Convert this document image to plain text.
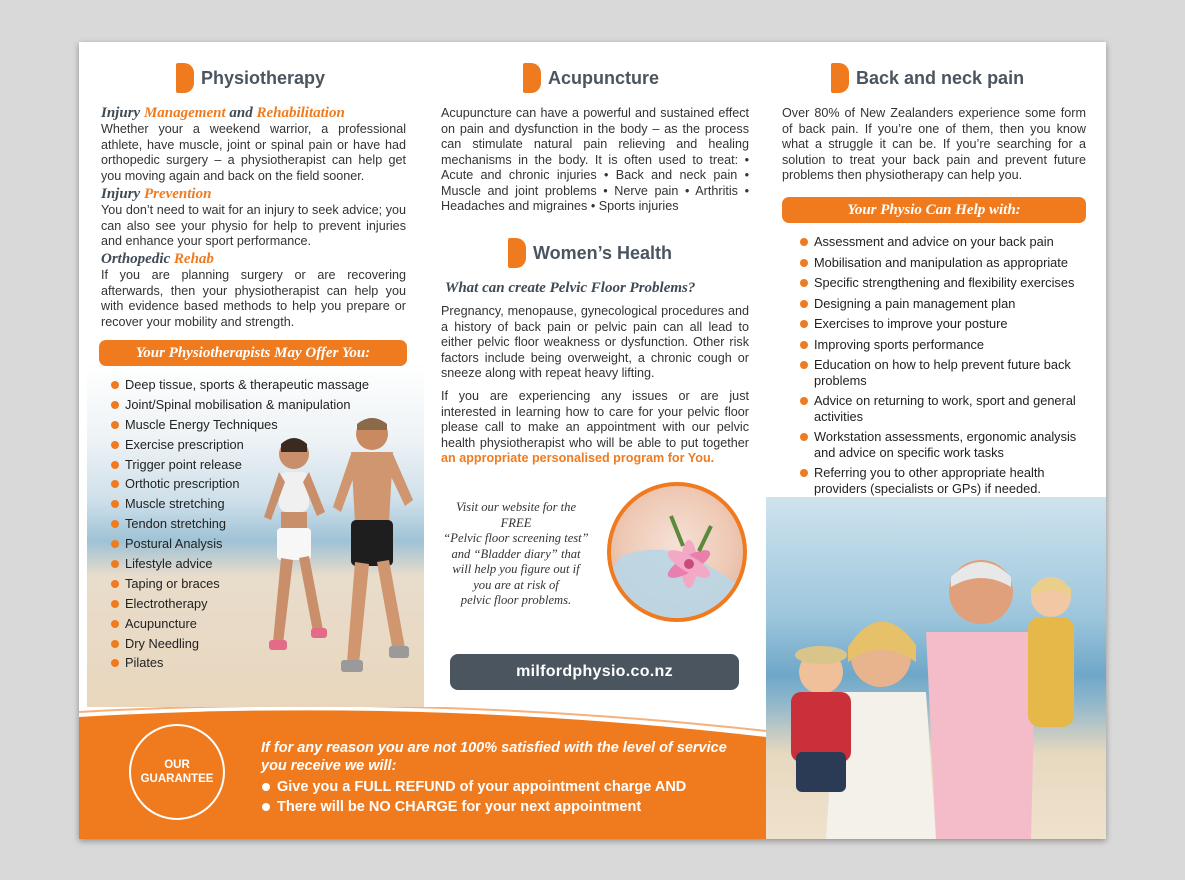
Physiotherapy
Injury Management and Rehabilitation
Whether your a weekend warrior, a professional athlete, have muscle, joint or spinal pain or have had orthopedic surgery – a physiotherapist can help get you moving again and back on the field sooner.
Injury Prevention
You don’t need to wait for an injury to seek advice; you can also see your physio for help to prevent injuries and enhance your sport performance.
Orthopedic Rehab
If you are planning surgery or are recovering afterwards, then your physiotherapist can help you with evidence based methods to help you prepare or recover your mobility and strength.
Your Physiotherapists May Offer You:
Deep tissue, sports & therapeutic massage
Joint/Spinal mobilisation & manipulation
Muscle Energy Techniques
Exercise prescription
Trigger point release
Orthotic prescription
Muscle stretching
Tendon stretching
Postural Analysis
Lifestyle advice
Taping or braces
Electrotherapy
Acupuncture
Dry Needling
Pilates
Acupuncture
Acupuncture can have a powerful and sustained effect on pain and dysfunction in the body – as the process can stimulate natural pain relieving and healing mechanisms in the body. It is often used to treat: • Acute and chronic injuries • Back and neck pain • Muscle and joint problems • Nerve pain • Arthritis • Headaches and migraines • Sports injuries
Women’s Health
What can create Pelvic Floor Problems?
Pregnancy, menopause, gynecological procedures and a history of back pain or pelvic pain can all lead to either pelvic floor weakness or dysfunction. Other risk factors include being overweight, a chronic cough or sneeze along with repeat heavy lifting.
If you are experiencing any issues or are just interested in learning how to care for your pelvic floor please call to make an appointment with our pelvic health physiotherapist who will be able to put together an appropriate personalised program for You.
Visit our website for the
FREE
“Pelvic floor screening test”
and “Bladder diary” that
will help you figure out if
you are at risk of
pelvic floor problems.
milfordphysio.co.nz
Back and neck pain
Over 80% of New Zealanders experience some form of back pain. If you’re one of them, then you know what a struggle it can be. If you’re searching for a solution to treat your back pain and prevent future problems then physiotherapy can help you.
Your Physio Can Help with:
Assessment and advice on your back pain
Mobilisation and manipulation as appropriate
Specific strengthening and flexibility exercises
Designing a pain management plan
Exercises to improve your posture
Improving sports performance
Education on how to help prevent future back problems
Advice on returning to work, sport and general activities
Workstation assessments, ergonomic analysis and advice on specific work tasks
Referring you to other appropriate health providers (specialists or GPs) if needed.
OUR
GUARANTEE
If for any reason you are not 100% satisfied with the level of service you receive we will:
Give you a FULL REFUND of your appointment charge AND
There will be NO CHARGE for your next appointment
